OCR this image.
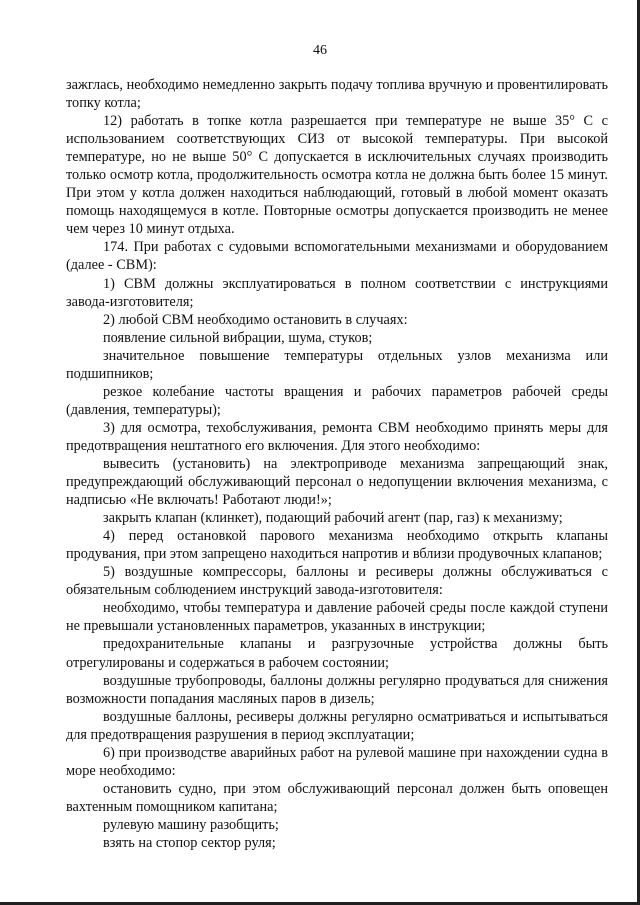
46

зажглась, необходимо немедленно закрыть подачу топлива вручную и провентилировать топку котла;

12) работать в топке котла разрешается при температуре не выше 35° С с использованием соответствующих СИЗ от высокой температуры. При высокой температуре, но не выше 50° С допускается в исключительных случаях производить только осмотр котла, продолжительность осмотра котла не должна быть более 15 минут. При этом у котла должен находиться наблюдающий, готовый в любой момент оказать помощь находящемуся в котле. Повторные осмотры допускается производить не менее чем через 10 минут отдыха.

174. При работах с судовыми вспомогательными механизмами и оборудованием (далее - СВМ):

1) СВМ должны эксплуатироваться в полном соответствии с инструкциями завода-изготовителя;

2) любой СВМ необходимо остановить в случаях:

появление сильной вибрации, шума, стуков;

значительное повышение температуры отдельных узлов механизма или подшипников;

резкое колебание частоты вращения и рабочих параметров рабочей среды (давления, температуры);

3) для осмотра, техобслуживания, ремонта СВМ необходимо принять меры для предотвращения нештатного его включения. Для этого необходимо:

вывесить (установить) на электроприводе механизма запрещающий знак, предупреждающий обслуживающий персонал о недопущении включения механизма, с надписью «Не включать! Работают люди!»;

закрыть клапан (клинкет), подающий рабочий агент (пар, газ) к механизму;

4) перед остановкой парового механизма необходимо открыть клапаны продувания, при этом запрещено находиться напротив и вблизи продувочных клапанов;

5) воздушные компрессоры, баллоны и ресиверы должны обслуживаться с обязательным соблюдением инструкций завода-изготовителя:

необходимо, чтобы температура и давление рабочей среды после каждой ступени не превышали установленных параметров, указанных в инструкции;

предохранительные клапаны и разгрузочные устройства должны быть отрегулированы и содержаться в рабочем состоянии;

воздушные трубопроводы, баллоны должны регулярно продуваться для снижения возможности попадания масляных паров в дизель;

воздушные баллоны, ресиверы должны регулярно осматриваться и испытываться для предотвращения разрушения в период эксплуатации;

6) при производстве аварийных работ на рулевой машине при нахождении судна в море необходимо:

остановить судно, при этом обслуживающий персонал должен быть оповещен вахтенным помощником капитана;

рулевую машину разобщить;

взять на стопор сектор руля;
